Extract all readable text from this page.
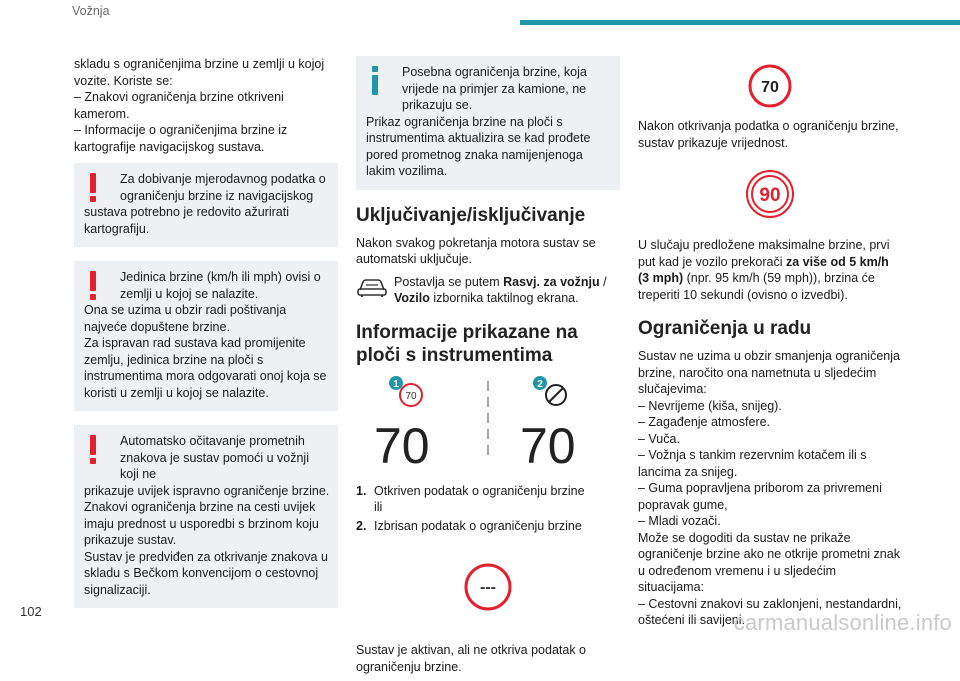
Vožnja
skladu s ograničenjima brzine u zemlji u kojoj vozite. Koriste se:
– Znakovi ograničenja brzine otkriveni kamerom.
– Informacije o ograničenjima brzine iz kartografije navigacijskog sustava.
Za dobivanje mjerodavnog podatka o ograničenju brzine iz navigacijskog
sustava potrebno je redovito ažurirati kartografiju.
Jedinica brzine (km/h ili mph) ovisi o zemlji u kojoj se nalazite.
Ona se uzima u obzir radi poštivanja najveće dopuštene brzine.
Za ispravan rad sustava kad promijenite zemlju, jedinica brzine na ploči s instrumentima mora odgovarati onoj koja se koristi u zemlji u kojoj se nalazite.
Automatsko očitavanje prometnih znakova je sustav pomoći u vožnji koji ne
prikazuje uvijek ispravno ograničenje brzine.
Znakovi ograničenja brzine na cesti uvijek imaju prednost u usporedbi s brzinom koju prikazuje sustav.
Sustav je predviđen za otkrivanje znakova u skladu s Bečkom konvencijom o cestovnoj signalizaciji.
Posebna ograničenja brzine, koja vrijede na primjer za kamione, ne prikazuju se.
Prikaz ograničenja brzine na ploči s instrumentima aktualizira se kad prođete pored prometnog znaka namijenjenoga lakim vozilima.
Uključivanje/isključivanje
Nakon svakog pokretanja motora sustav se automatski uključuje.
Postavlja se putem Rasvj. za vožnju / Vozilo izbornika taktilnog ekrana.
Informacije prikazane na ploči s instrumentima
1
70
70
2
70
1. Otkriven podatak o ograničenju brzine
ili
2. Izbrisan podatak o ograničenju brzine
---
Sustav je aktivan, ali ne otkriva podatak o ograničenju brzine.
70
Nakon otkrivanja podatka o ograničenju brzine, sustav prikazuje vrijednost.
90
U slučaju predložene maksimalne brzine, prvi put kad je vozilo prekorači za više od 5 km/h (3 mph) (npr. 95 km/h (59 mph)), brzina će treperiti 10 sekundi (ovisno o izvedbi).
Ograničenja u radu
Sustav ne uzima u obzir smanjenja ograničenja brzine, naročito ona nametnuta u sljedećim slučajevima:
– Nevrijeme (kiša, snijeg).
– Zagađenje atmosfere.
– Vuča.
– Vožnja s tankim rezervnim kotačem ili s lancima za snijeg.
– Guma popravljena priborom za privremeni popravak gume,
– Mladi vozači.
Može se dogoditi da sustav ne prikaže ograničenje brzine ako ne otkrije prometni znak u određenom vremenu i u sljedećim situacijama:
– Cestovni znakovi su zaklonjeni, nestandardni, oštećeni ili savijeni.
102	carmanualsonline.info
